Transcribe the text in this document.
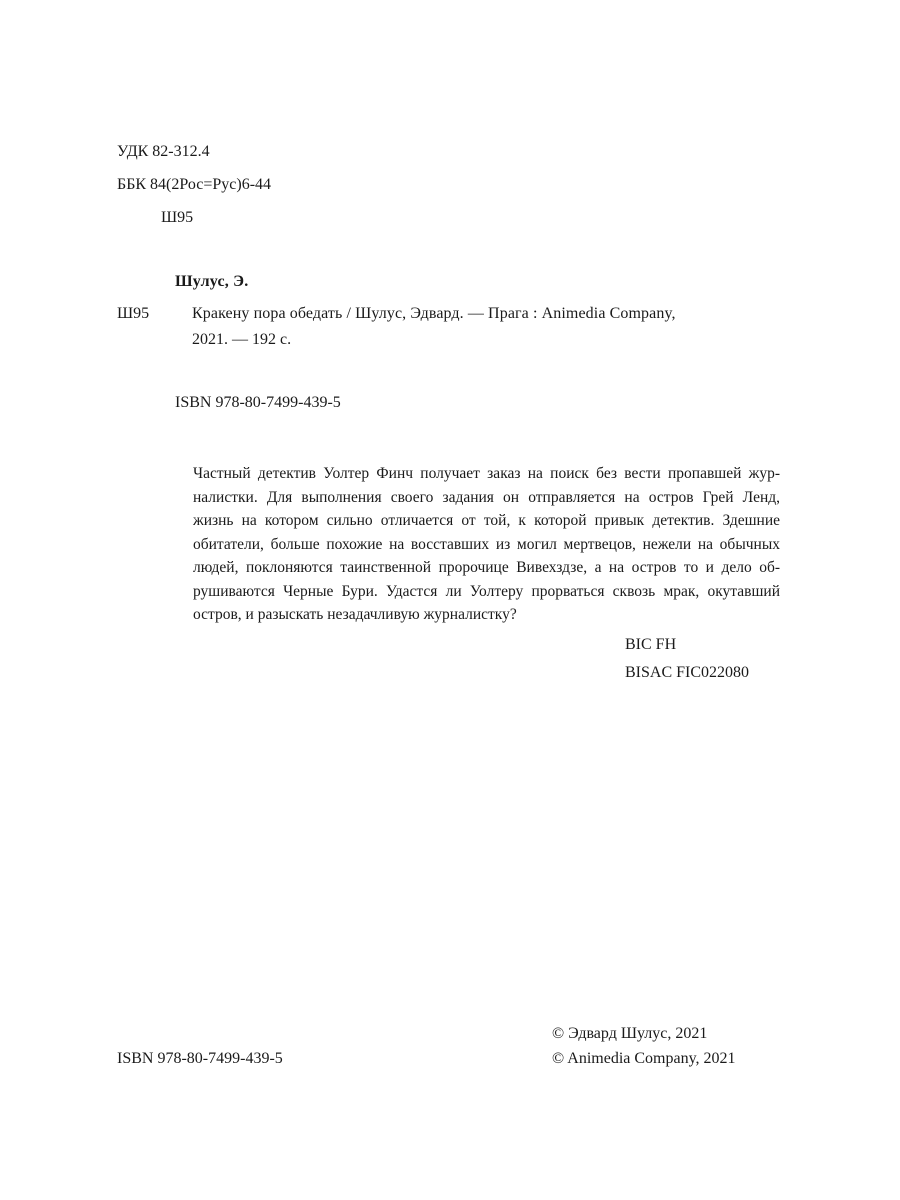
УДК 82-312.4
ББК 84(2Рос=Рус)6-44
Ш95
Шулус, Э.
Ш95	Кракену пора обедать / Шулус, Эдвард. — Прага : Animedia Company,
2021. — 192 с.
ISBN 978-80-7499-439-5
Частный детектив Уолтер Финч получает заказ на поиск без вести пропавшей жур-
налистки. Для выполнения своего задания он отправляется на остров Грей Ленд,
жизнь на котором сильно отличается от той, к которой привык детектив. Здешние
обитатели, больше похожие на восставших из могил мертвецов, нежели на обычных
людей, поклоняются таинственной пророчице Вивехздзе, а на остров то и дело об-
рушиваются Черные Бури. Удастся ли Уолтеру прорваться сквозь мрак, окутавший
остров, и разыскать незадачливую журналистку?
BIC FH
BISAC FIC022080
© Эдвард Шулус, 2021
© Animedia Company, 2021
ISBN 978-80-7499-439-5
